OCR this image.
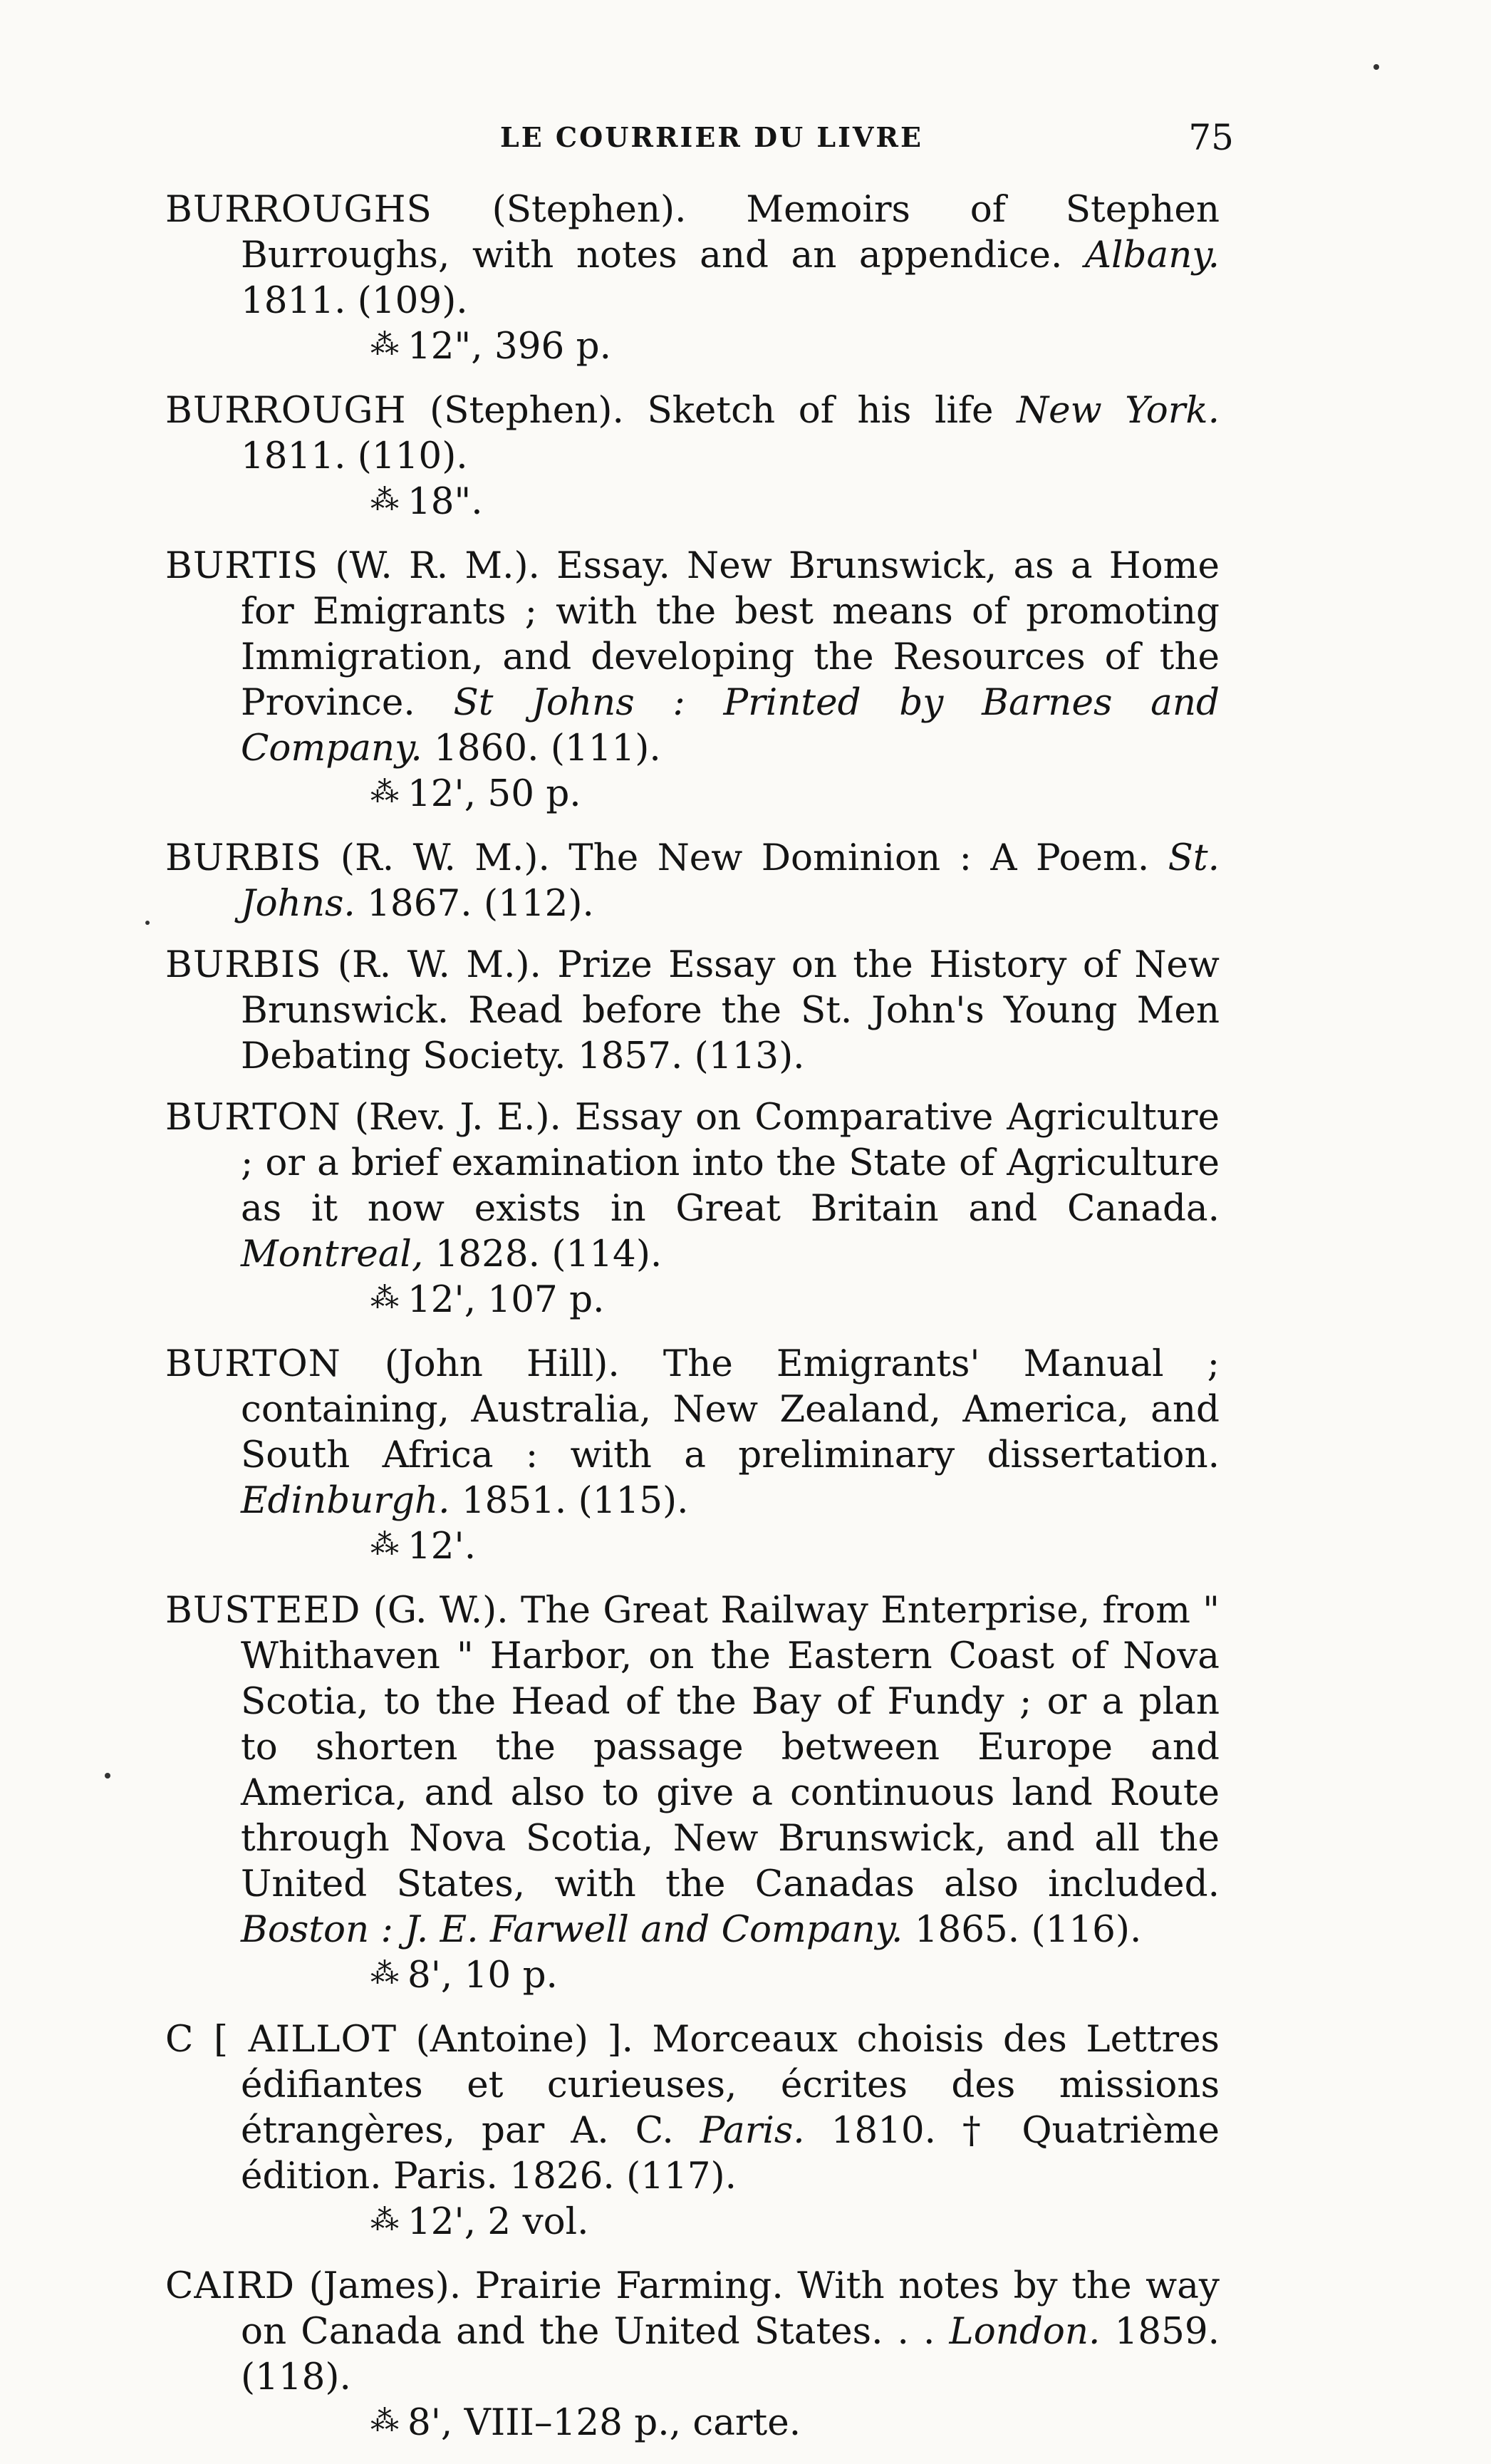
LE COURRIER DU LIVRE	75
BURROUGHS (Stephen). Memoirs of Stephen Burroughs, with notes and an appendice. Albany. 1811. (109).
⁂ 12", 396 p.
BURROUGH (Stephen). Sketch of his life New York. 1811. (110).
⁂ 18".
BURTIS (W. R. M.). Essay. New Brunswick, as a Home for Emigrants ; with the best means of promoting Immigration, and developing the Resources of the Province. St Johns : Printed by Barnes and Company. 1860. (111).
⁂ 12', 50 p.
BURBIS (R. W. M.). The New Dominion : A Poem. St. Johns. 1867. (112).
BURBIS (R. W. M.). Prize Essay on the History of New Brunswick. Read before the St. John's Young Men Debating Society. 1857. (113).
BURTON (Rev. J. E.). Essay on Comparative Agriculture ; or a brief examination into the State of Agriculture as it now exists in Great Britain and Canada. Montreal, 1828. (114).
⁂ 12', 107 p.
BURTON (John Hill). The Emigrants' Manual ; containing, Australia, New Zealand, America, and South Africa : with a preliminary dissertation. Edinburgh. 1851. (115).
⁂ 12'.
BUSTEED (G. W.). The Great Railway Enterprise, from " Whithaven " Harbor, on the Eastern Coast of Nova Scotia, to the Head of the Bay of Fundy ; or a plan to shorten the passage between Europe and America, and also to give a continuous land Route through Nova Scotia, New Brunswick, and all the United States, with the Canadas also included. Boston : J. E. Farwell and Company. 1865. (116).
⁂ 8', 10 p.
C [ AILLOT (Antoine) ]. Morceaux choisis des Lettres édifiantes et curieuses, écrites des missions étrangères, par A. C. Paris. 1810. † Quatrième édition. Paris. 1826. (117).
⁂ 12', 2 vol.
CAIRD (James). Prairie Farming. With notes by the way on Canada and the United States. . . London. 1859. (118).
⁂ 8', VIII–128 p., carte.
